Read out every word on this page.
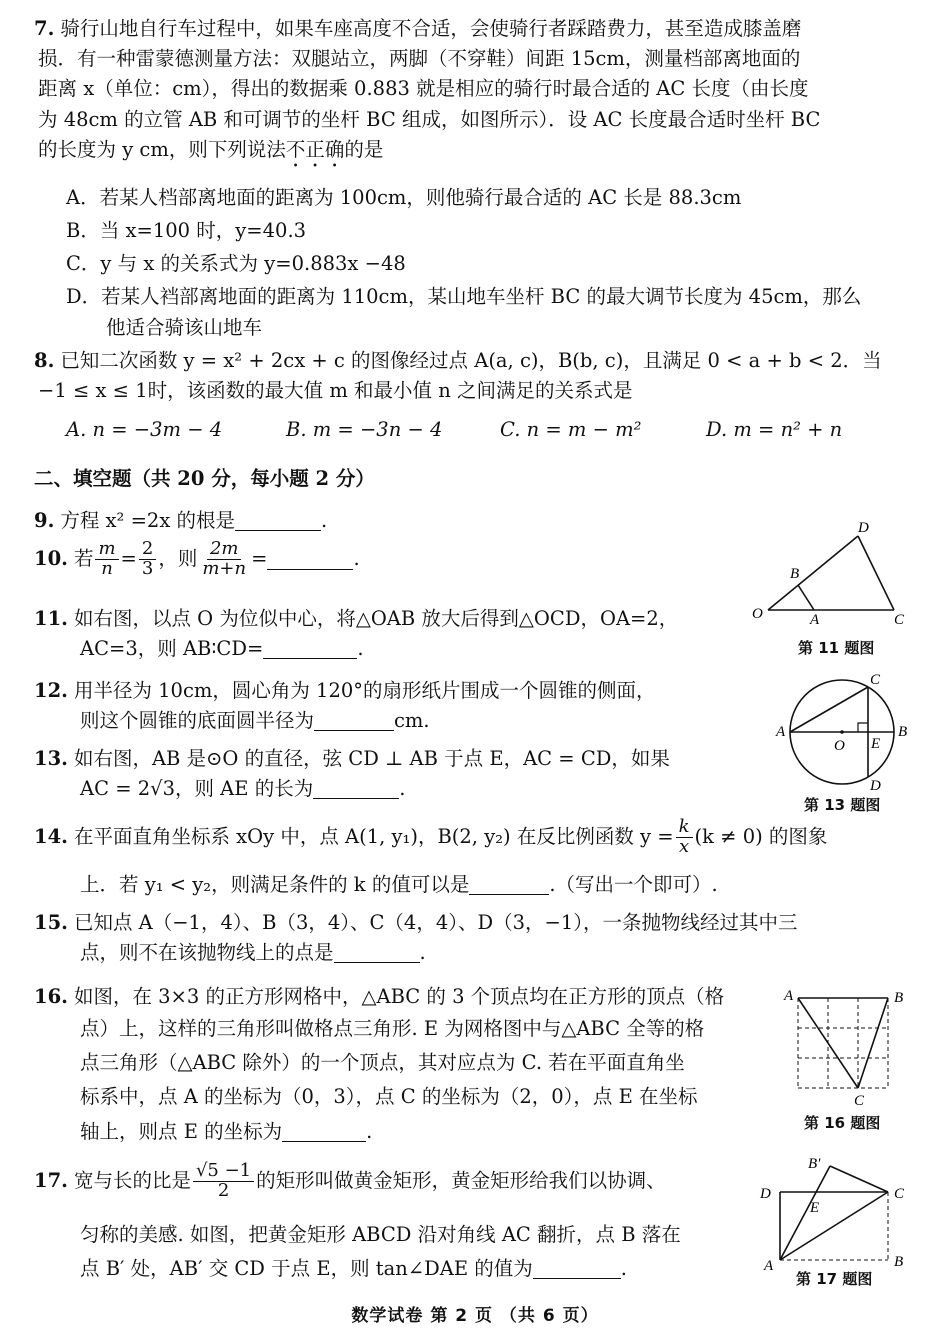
7. 骑行山地自行车过程中，如果车座高度不合适，会使骑行者踩踏费力，甚至造成膝盖磨
损．有一种雷蒙德测量方法：双腿站立，两脚（不穿鞋）间距 15cm，测量档部离地面的
距离 x（单位：cm），得出的数据乘 0.883 就是相应的骑行时最合适的 AC 长度（由长度
为 48cm 的立管 AB 和可调节的坐杆 BC 组成，如图所示）．设 AC 长度最合适时坐杆 BC
的长度为 y cm，则下列说法不正确的是
A．若某人档部离地面的距离为 100cm，则他骑行最合适的 AC 长是 88.3cm
B．当 x=100 时，y=40.3
C．y 与 x 的关系式为 y=0.883x −48
D．若某人裆部离地面的距离为 110cm，某山地车坐杆 BC 的最大调节长度为 45cm，那么
他适合骑该山地车
8. 已知二次函数 y = x² + 2cx + c 的图像经过点 A(a, c)，B(b, c)，且满足 0 < a + b < 2．当
−1 ≤ x ≤ 1时，该函数的最大值 m 和最小值 n 之间满足的关系式是
A. n = −3m − 4	B. m = −3n − 4	C. n = m − m²	D. m = n² + n
二、填空题（共 20 分，每小题 2 分）
9. 方程 x² =2x 的根是	.
10. 若 $\frac{m}{n} = \frac{2}{3}$ ，则 $\frac{2m}{m+n}$ =	.
11. 如右图，以点 O 为位似中心，将△OAB 放大后得到△OCD，OA=2，
AC=3，则 AB∶CD=	.
O	A
B
C
D
第 11 题图
12. 用半径为 10cm，圆心角为 120°的扇形纸片围成一个圆锥的侧面，
则这个圆锥的底面圆半径为	cm.
13. 如右图，AB 是⊙O 的直径，弦 CD ⊥ AB 于点 E，AC = CD，如果
AC = 2√3，则 AE 的长为	.
A	B
C
D
O E
第 13 题图
14. 在平面直角坐标系 xOy 中，点 A(1, y₁)，B(2, y₂) 在反比例函数 $y = \frac{k}{x} (k \ne 0)$ 的图象
上．若 y₁ < y₂，则满足条件的 k 的值可以是	.（写出一个即可）.
15. 已知点 A（−1，4）、B（3，4）、C（4，4）、D（3，−1），一条抛物线经过其中三
点，则不在该抛物线上的点是	.
16. 如图，在 3×3 的正方形网格中，△ABC 的 3 个顶点均在正方形的顶点（格
点）上，这样的三角形叫做格点三角形. E 为网格图中与△ABC 全等的格
点三角形（△ABC 除外）的一个顶点，其对应点为 C. 若在平面直角坐
标系中，点 A 的坐标为（0，3），点 C 的坐标为（2，0），点 E 在坐标
轴上，则点 E 的坐标为	.
A	B
C
第 16 题图
17. 宽与长的比是 $\frac{√5 -1}{2}$ 的矩形叫做黄金矩形，黄金矩形给我们以协调、
匀称的美感. 如图，把黄金矩形 ABCD 沿对角线 AC 翻折，点 B 落在
点 B′ 处，AB′ 交 CD 于点 E，则 tan∠DAE 的值为	.
D	C
A	B
E
B′
第 17 题图
数学试卷 第 2 页 （共 6 页）
